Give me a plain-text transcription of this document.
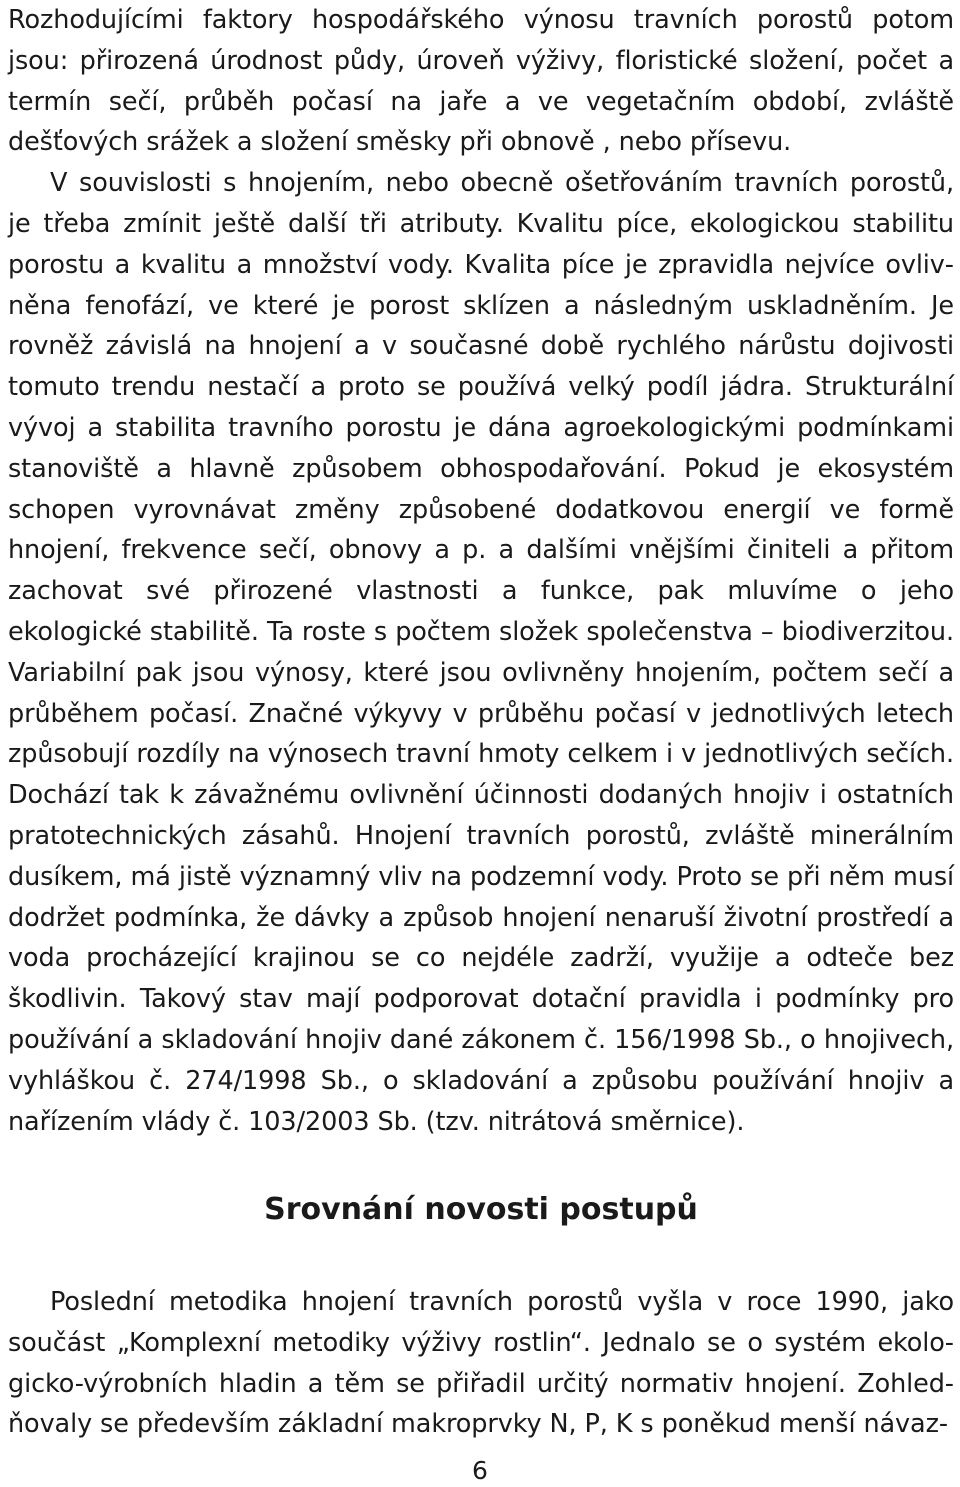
Rozhodujícími faktory hospodářského výnosu travních porostů potom jsou: přirozená úrodnost půdy, úroveň výživy, floristické složení, počet a termín sečí, průběh počasí na jaře a ve vegetačním období, zvláště dešťových srážek a složení směsky při obnově , nebo přísevu.

V souvislosti s hnojením, nebo obecně ošetřováním travních porostů, je třeba zmínit ještě další tři atributy. Kvalitu píce, ekologickou stabilitu porostu a kvalitu a množství vody. Kvalita píce je zpravidla nejvíce ovlivněna fenofází, ve které je porost sklízen a následným uskladněním. Je rovněž závislá na hnojení a v současné době rychlého nárůstu dojivosti tomuto trendu nestačí a proto se používá velký podíl jádra. Strukturální vývoj a stabilita travního porostu je dána agroekologickými podmínkami stanoviště a hlavně způsobem obhospodařování. Pokud je ekosystém schopen vyrovnávat změny způsobené dodatkovou energií ve formě hnojení, frekvence sečí, obnovy a p. a dalšími vnějšími činiteli a přitom zachovat své přirozené vlastnosti a funkce, pak mluvíme o jeho ekologické stabilitě. Ta roste s počtem složek společenstva – biodiverzitou. Variabilní pak jsou výnosy, které jsou ovlivněny hnojením, počtem sečí a průběhem počasí. Značné výkyvy v průběhu počasí v jednotlivých letech způsobují rozdíly na výnosech travní hmoty celkem i v jednotlivých sečích. Dochází tak k závažnému ovlivnění účinnosti dodaných hnojiv i ostatních pratotechnických zásahů. Hnojení travních porostů, zvláště minerálním dusíkem, má jistě významný vliv na podzemní vody. Proto se při něm musí dodržet podmínka, že dávky a způsob hnojení nenaruší životní prostředí a voda procházející krajinou se co nejdéle zadrží, využije a odteče bez škodlivin. Takový stav mají podporovat dotační pravidla i podmínky pro používání a skladování hnojiv dané zákonem č. 156/1998 Sb., o hnojivech, vyhláškou č. 274/1998 Sb., o skladování a způsobu používání hnojiv a nařízením vlády č. 103/2003 Sb. (tzv. nitrátová směrnice).

Srovnání novosti postupů

Poslední metodika hnojení travních porostů vyšla v roce 1990, jako součást „Komplexní metodiky výživy rostlin“. Jednalo se o systém ekologicko-výrobních hladin a těm se přiřadil určitý normativ hnojení. Zohledňovaly se především základní makroprvky N, P, K s poněkud menší návaz-

6
